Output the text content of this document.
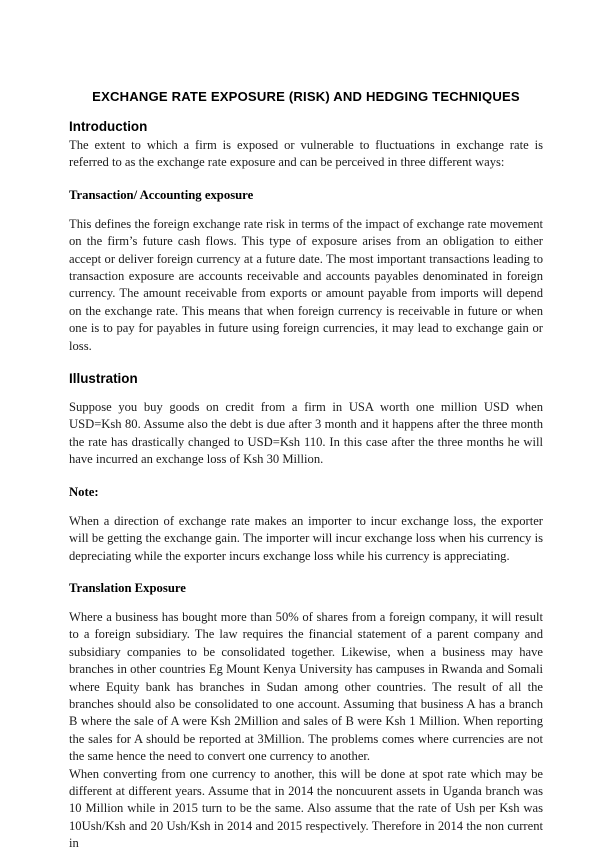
EXCHANGE RATE EXPOSURE (RISK) AND HEDGING TECHNIQUES
Introduction

The extent to which a firm is exposed or vulnerable to fluctuations in exchange rate is referred to as the exchange rate exposure and can be perceived in three different ways:

Transaction/ Accounting exposure

This defines the foreign exchange rate risk in terms of the impact of exchange rate movement on the firm’s future cash flows. This type of exposure arises from an obligation to either accept or deliver foreign currency at a future date. The most important transactions leading to transaction exposure are accounts receivable and accounts payables denominated in foreign currency. The amount receivable from exports or amount payable from imports will depend on the exchange rate. This means that when foreign currency is receivable in future or when one is to pay for payables in future using foreign currencies, it may lead to exchange gain or loss.

Illustration

Suppose you buy goods on credit from a firm in USA worth one million USD when USD=Ksh 80. Assume also the debt is due after 3 month and it happens after the three month the rate has drastically changed to USD=Ksh 110. In this case after the three months he will have incurred an exchange loss of Ksh 30 Million.

Note:

When a direction of exchange rate makes an importer to incur exchange loss, the exporter will be getting the exchange gain. The importer will incur exchange loss when his currency is depreciating while the exporter incurs exchange loss while his currency is appreciating.

Translation Exposure

Where a business has bought more than 50% of shares from a foreign company, it will result to a foreign subsidiary. The law requires the financial statement of a parent company and subsidiary companies to be consolidated together. Likewise, when a business may have branches in other countries Eg Mount Kenya University has campuses in Rwanda and Somali where Equity bank has branches in Sudan among other countries. The result of all the branches should also be consolidated to one account. Assuming that business A has a branch B where the sale of A were Ksh 2Million and sales of B were Ksh 1 Million. When reporting the sales for A should be reported at 3Million. The problems comes where currencies are not the same hence the need to convert one currency to another.

When converting from one currency to another, this will be done at spot rate which may be different at different years. Assume that in 2014 the noncuurent assets in Uganda branch was 10 Million while in 2015 turn to be the same. Also assume that the rate of Ush per Ksh was 10Ush/Ksh and 20 Ush/Ksh in 2014 and 2015 respectively. Therefore in 2014 the non current in
